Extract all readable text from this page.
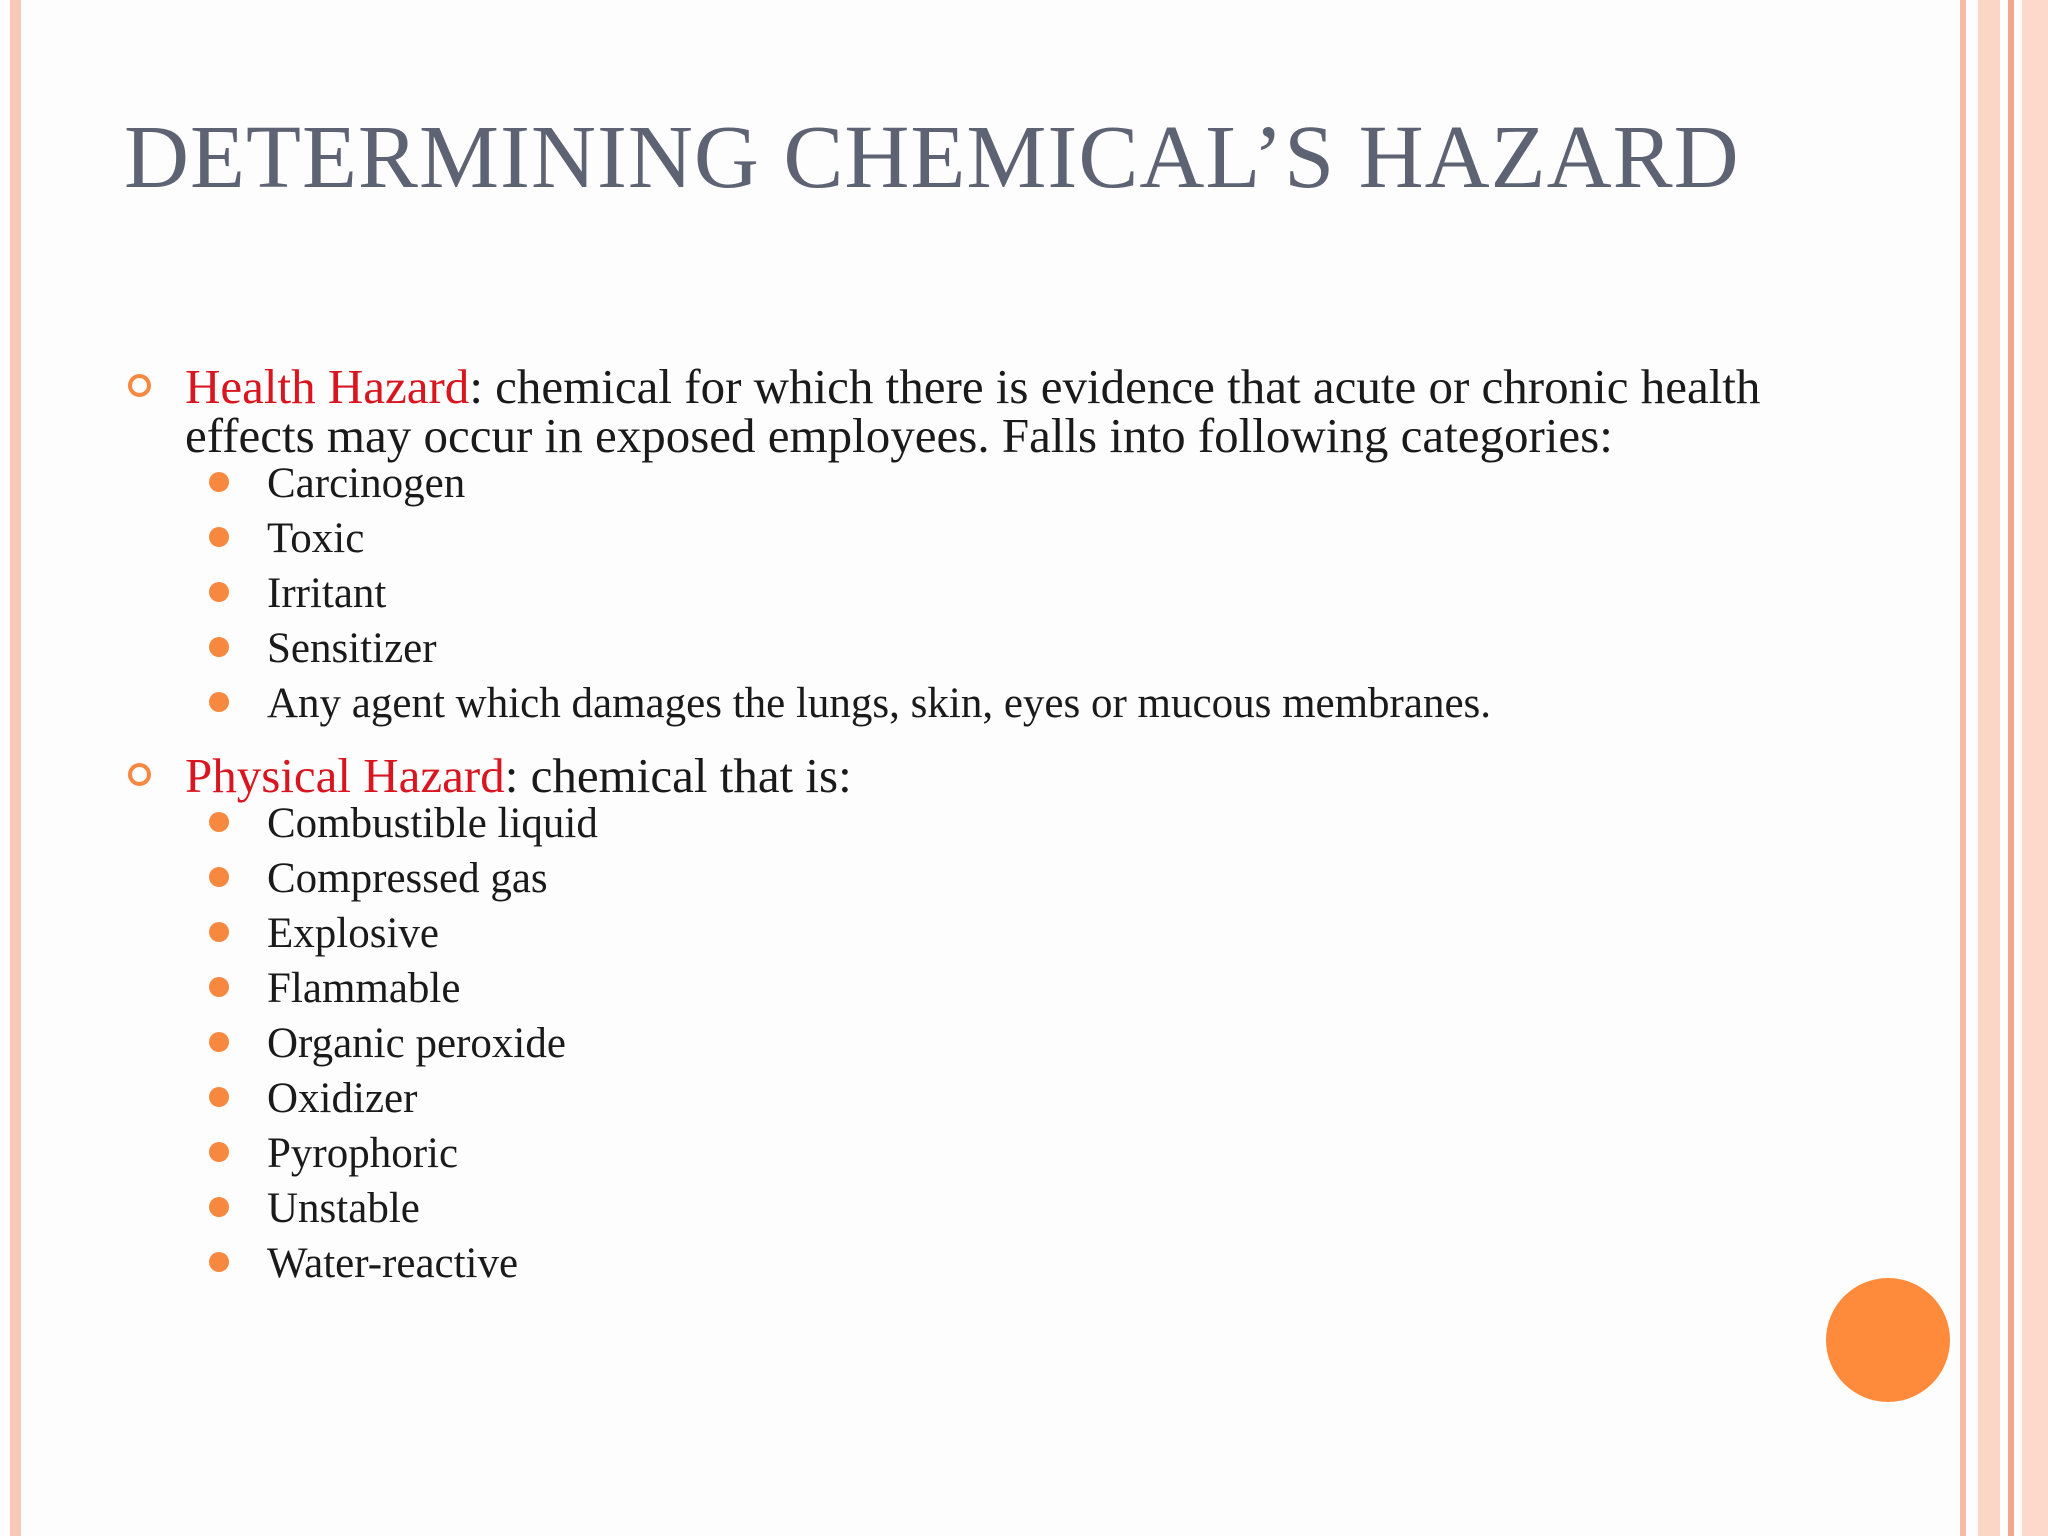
DETERMINING CHEMICAL’S HAZARD

Health Hazard: chemical for which there is evidence that acute or chronic health effects may occur in exposed employees. Falls into following categories:

Carcinogen
Toxic
Irritant
Sensitizer
Any agent which damages the lungs, skin, eyes or mucous membranes.

Physical Hazard: chemical that is:

Combustible liquid
Compressed gas
Explosive
Flammable
Organic peroxide
Oxidizer
Pyrophoric
Unstable
Water-reactive
